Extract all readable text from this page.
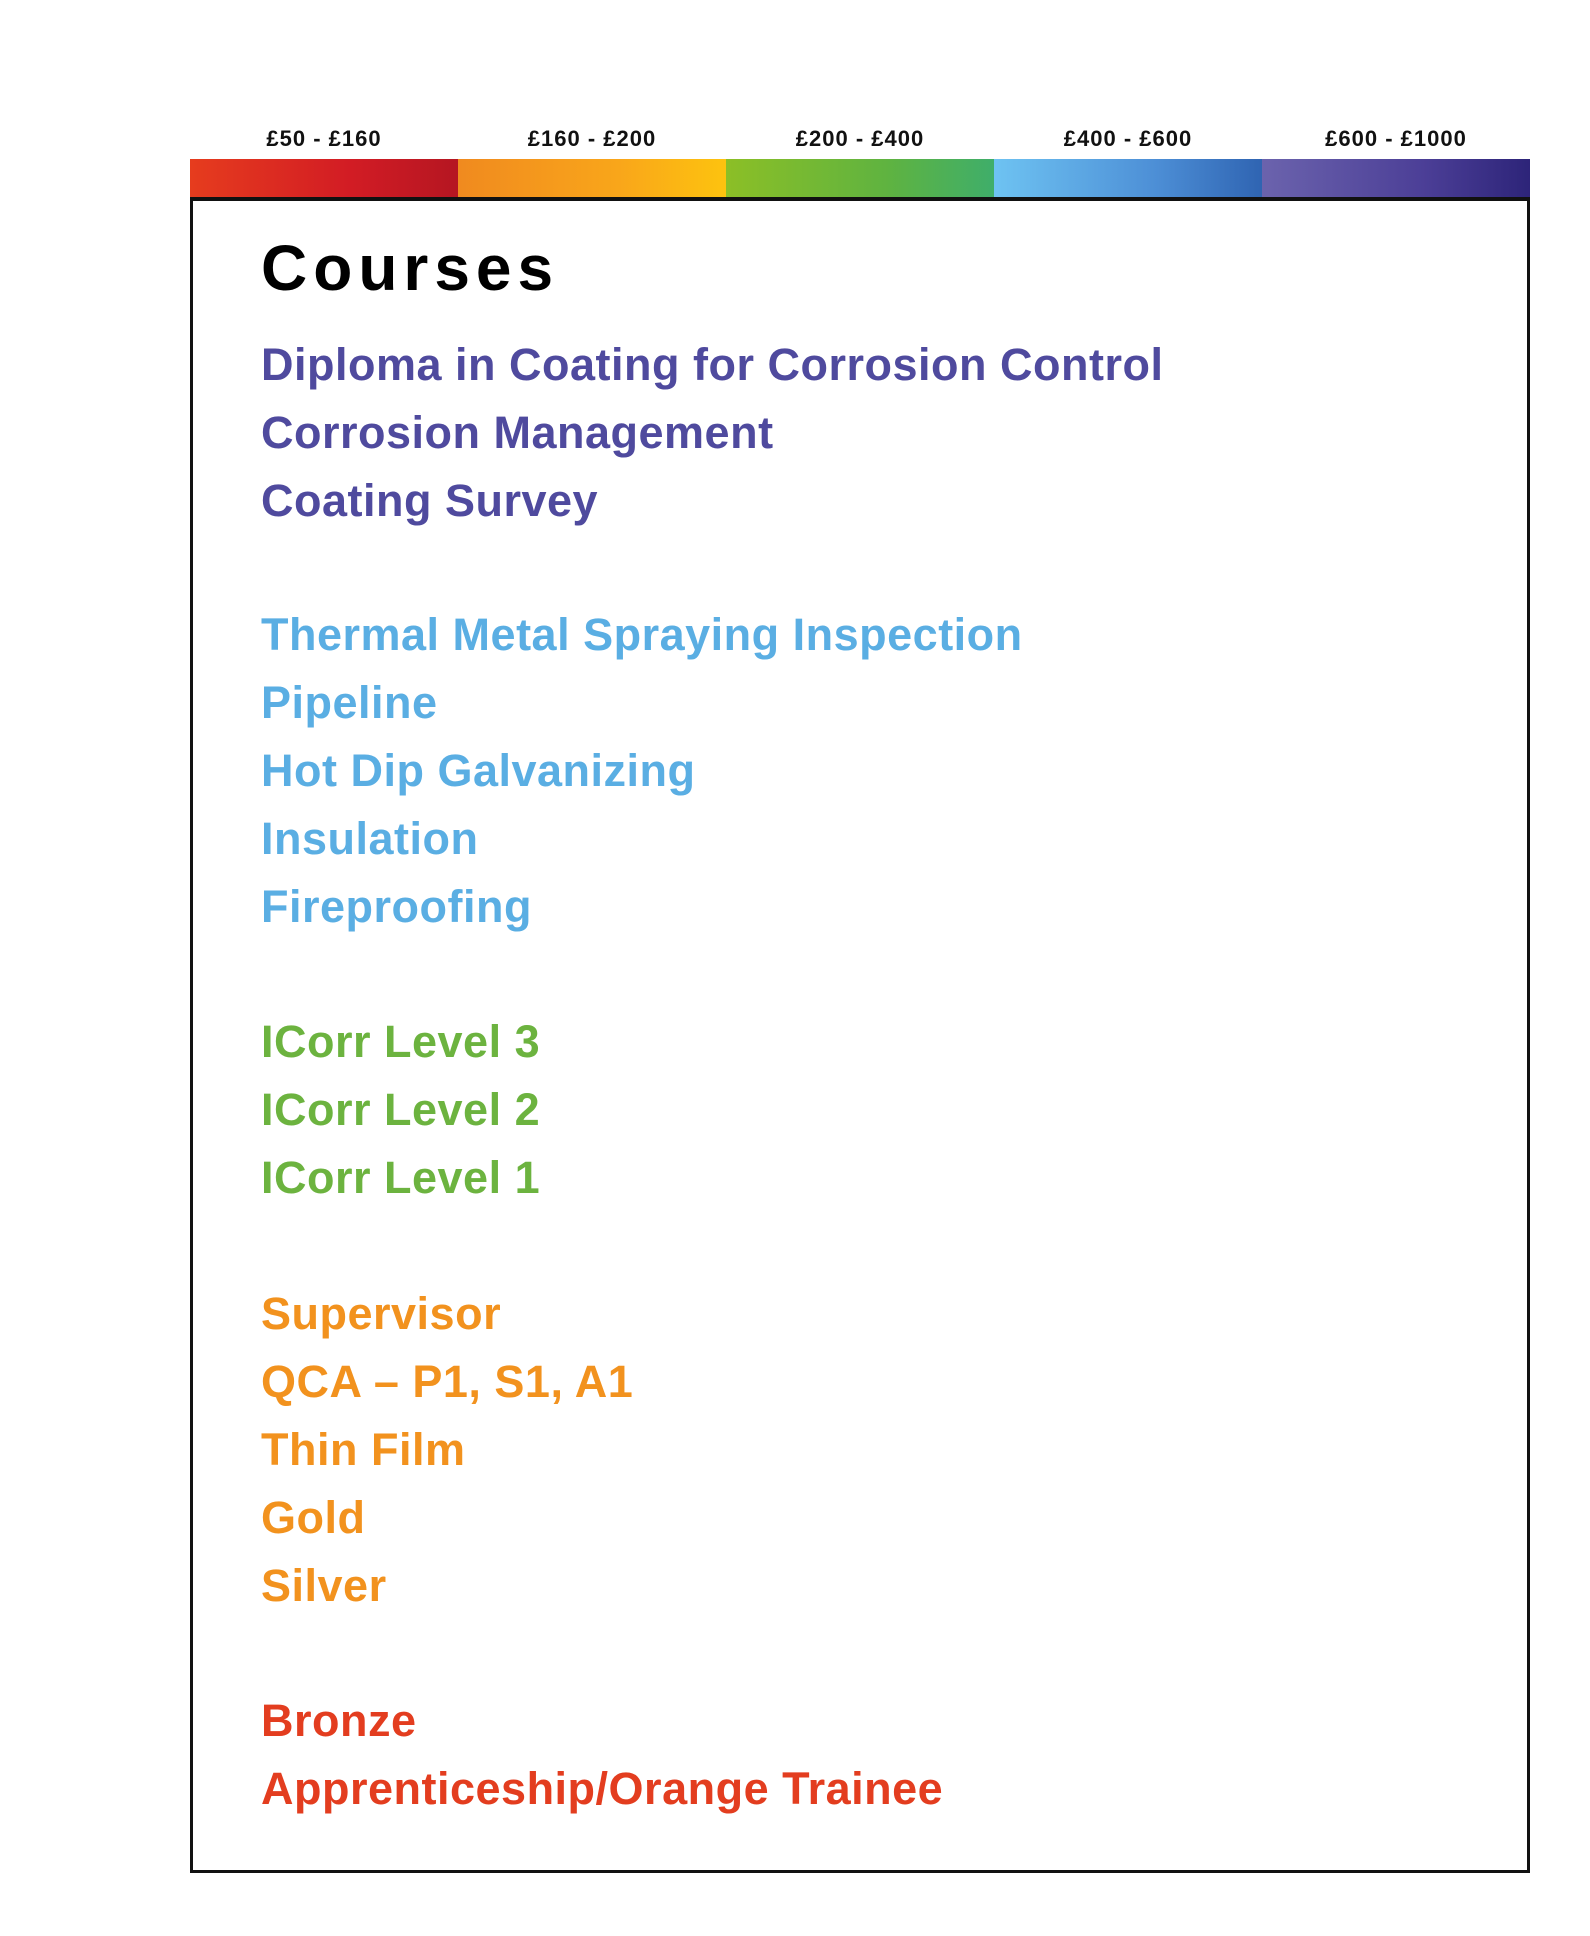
£50 - £160	£160 - £200	£200 - £400	£400 - £600	£600 - £1000
Courses
Diploma in Coating for Corrosion Control
Corrosion Management
Coating Survey
Thermal Metal Spraying Inspection
Pipeline
Hot Dip Galvanizing
Insulation
Fireproofing
ICorr Level 3
ICorr Level 2
ICorr Level 1
Supervisor
QCA – P1, S1, A1
Thin Film
Gold
Silver
Bronze
Apprenticeship/Orange Trainee
